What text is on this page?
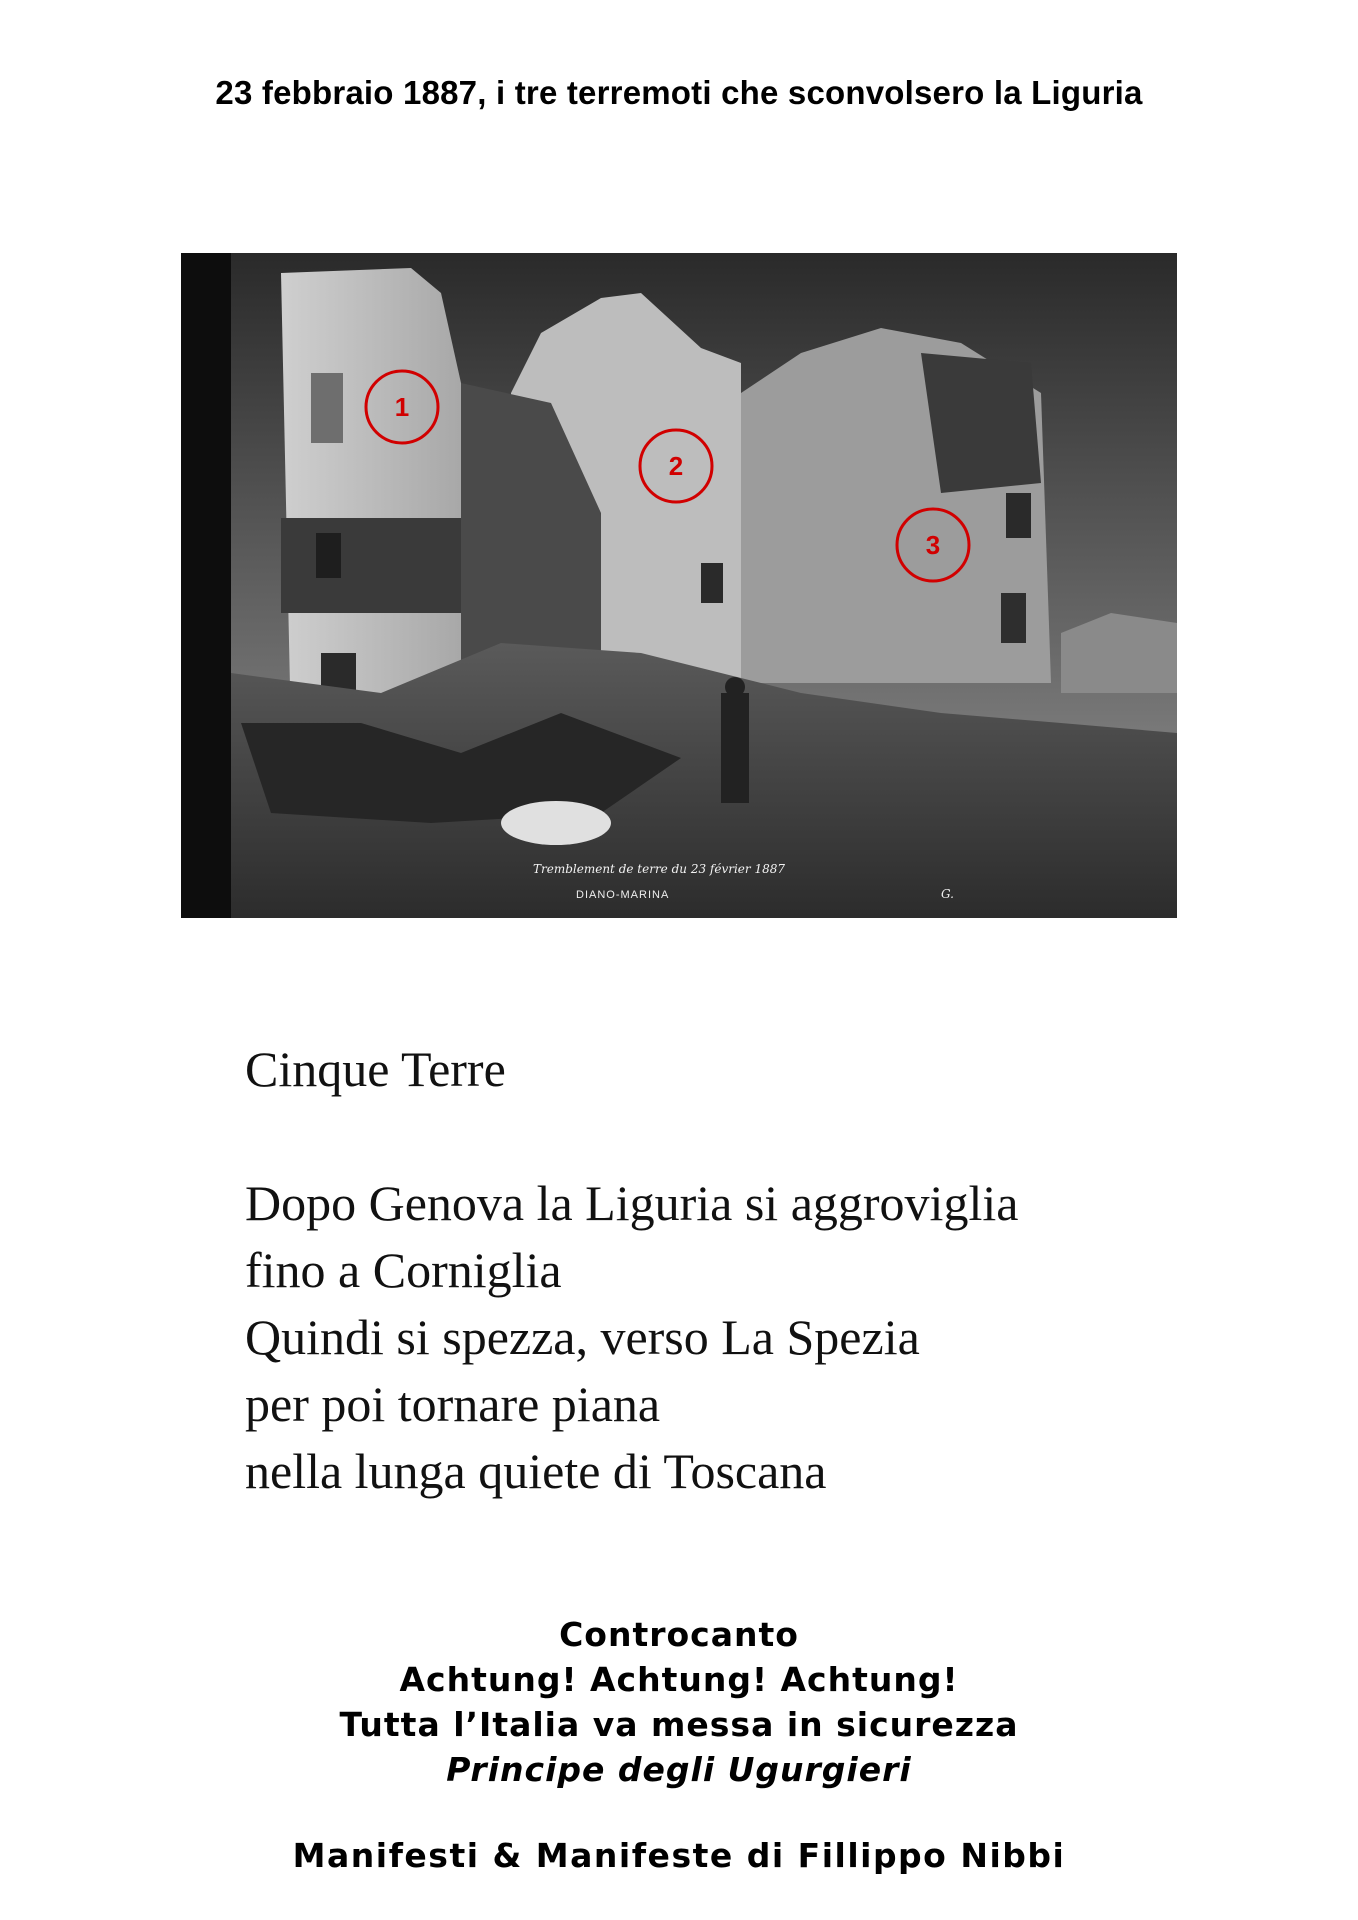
23 febbraio 1887, i tre terremoti che sconvolsero la Liguria
1
2
3
Tremblement de terre du 23 février 1887
DIANO-MARINA	G.
Cinque Terre
Dopo Genova la Liguria si aggroviglia
fino a Corniglia
Quindi si spezza, verso La Spezia
per poi tornare piana
nella lunga quiete di Toscana
Controcanto
Achtung! Achtung! Achtung!
Tutta l’Italia va messa in sicurezza
Principe degli Ugurgieri
Manifesti & Manifeste di Fillippo Nibbi
